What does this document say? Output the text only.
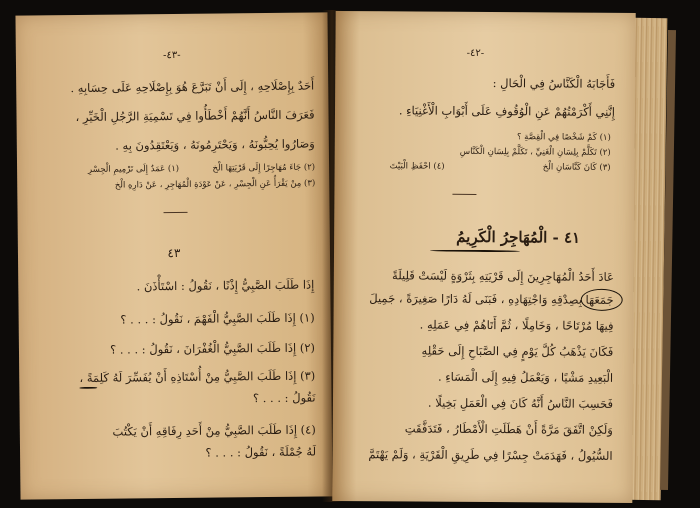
-٤٣-
أَحَدٌ بِإِصْلَاحِهِ ، إِلَى أَنْ تَبَرَّعَ هُوَ بِإِصْلَاحِهِ عَلَى حِسَابِهِ .
فَعَرَفَ النَّاسُ أَنَّهُمْ أَخْطَأُوا فِي تَسْمِيَةِ الرَّجُلِ الْخَيِّرِ ،
وَصَارُوا يُحِبُّونَهُ ، وَيَحْتَرِمُونَهُ ، وَيَعْتَقِدُونَ بِهِ .
(١) عَمَدٌ إِلَى تَرْمِيمِ الْجِسْرِ	(٢) جَاءَ مُهَاجِرًا إِلَى قَرْيَتِهَا الْخ
(٣) مِنْ يَقْرَأُ عَنِ الْجِسْرِ ، عَنْ عَوْدَةِ الْمُهَاجِرِ ، عَنْ دَارِهِ الْخ
٤٣
إِذَا طَلَبَ الصَّبِيُّ إِذْنًا ، نَقُولُ : اسْتَأْذَنَ .
(١) إِذَا طَلَبَ الصَّبِيُّ الْفَهْمَ ، نَقُولُ : . . . ؟
(٢) إِذَا طَلَبَ الصَّبِيُّ الْغُفْرَانَ ، نَقُولُ : . . . ؟
(٣) إِذَا طَلَبَ الصَّبِيُّ مِنْ أُسْتَاذِهِ أَنْ يُفَسِّرَ لَهُ كَلِمَةً ،
نَقُولُ : . . . ؟
(٤) إِذَا طَلَبَ الصَّبِيُّ مِنْ أَحَدِ رِفَاقِهِ أَنْ يَكْتُبَ
لَهُ جُمْلَةً ، نَقُولُ : . . . ؟
-٤٢-
فَأَجَابَهُ الْكَنَّاسُ فِي الْحَالِ :
إِنَّنِي أَكْرَمْتُهُمْ عَنِ الْوُقُوفِ عَلَى أَبْوَابِ الْأَغْنِيَاءِ .
(١) كَمْ شَخْصًا فِي الْقِصَّةِ ؟
(٢) تَكَلَّمْ بِلِسَانِ الْغَنِيِّ ، تَكَلَّمْ بِلِسَانِ الْكَنَّاسِ
(٣) كَانَ كَنَّاسَانِ الْخ
(٤) احْفَظِ الْبَيْتَ
٤١ - الْمُهَاجِرُ الْكَرِيمُ
عَادَ أَحَدُ الْمُهَاجِرِينَ إِلَى قَرْيَتِهِ بِثَرْوَةٍ لَيْسَتْ قَلِيلَةً
جَمَعَهَا بِصِدْقِهِ وَاجْتِهَادِهِ ، فَبَنَى لَهُ دَارًا صَغِيرَةً ، جَمِيلَ
فِيهَا مُرْتَاحًا ، وَخَامِلًا ، ثُمَّ أَتَاهُمْ فِي عَمَلِهِ .
فَكَانَ يَذْهَبُ كُلَّ يَوْمٍ فِي الصَّبَاحِ إِلَى حَقْلِهِ
الْبَعِيدِ مَشْيًا ، وَيَعْمَلُ فِيهِ إِلَى الْمَسَاءِ .
فَحَسِبَ النَّاسُ أَنَّهُ كَانَ فِي الْعَمَلِ بَخِيلًا .
وَلَكِنْ اتَّفَقَ مَرَّةً أَنْ هَطَلَتِ الْأَمْطَارُ ، فَتَدَفَّقَتِ
السُّيُولُ ، فَهَدَمَتْ جِسْرًا فِي طَرِيقِ الْقَرْيَةِ ، وَلَمْ يَهْتَمَّ
